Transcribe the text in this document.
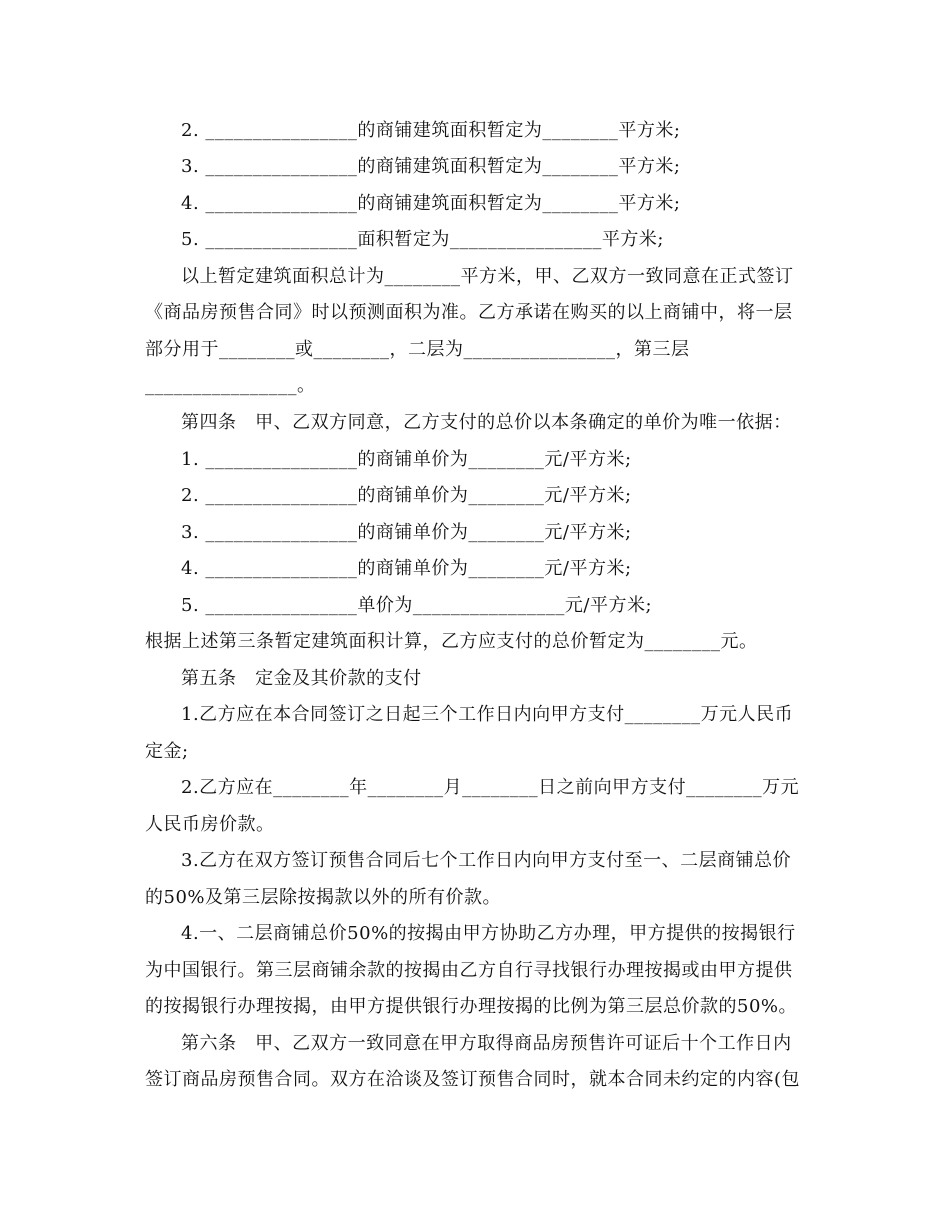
2. ________________的商铺建筑面积暂定为________平方米;
3. ________________的商铺建筑面积暂定为________平方米;
4. ________________的商铺建筑面积暂定为________平方米;
5. ________________面积暂定为________________平方米;
以上暂定建筑面积总计为________平方米，甲、乙双方一致同意在正式签订
《商品房预售合同》时以预测面积为准。乙方承诺在购买的以上商铺中，将一层
部分用于________或________，二层为________________，第三层
________________。
第四条   甲、乙双方同意，乙方支付的总价以本条确定的单价为唯一依据：
1. ________________的商铺单价为________元/平方米;
2. ________________的商铺单价为________元/平方米;
3. ________________的商铺单价为________元/平方米;
4. ________________的商铺单价为________元/平方米;
5. ________________单价为________________元/平方米;
根据上述第三条暂定建筑面积计算，乙方应支付的总价暂定为________元。
第五条   定金及其价款的支付
1.乙方应在本合同签订之日起三个工作日内向甲方支付________万元人民币
定金;
2.乙方应在________年________月________日之前向甲方支付________万元
人民币房价款。
3.乙方在双方签订预售合同后七个工作日内向甲方支付至一、二层商铺总价
的50%及第三层除按揭款以外的所有价款。
4.一、二层商铺总价50%的按揭由甲方协助乙方办理，甲方提供的按揭银行
为中国银行。第三层商铺余款的按揭由乙方自行寻找银行办理按揭或由甲方提供
的按揭银行办理按揭，由甲方提供银行办理按揭的比例为第三层总价款的50%。
第六条   甲、乙双方一致同意在甲方取得商品房预售许可证后十个工作日内
签订商品房预售合同。双方在洽谈及签订预售合同时，就本合同未约定的内容(包
